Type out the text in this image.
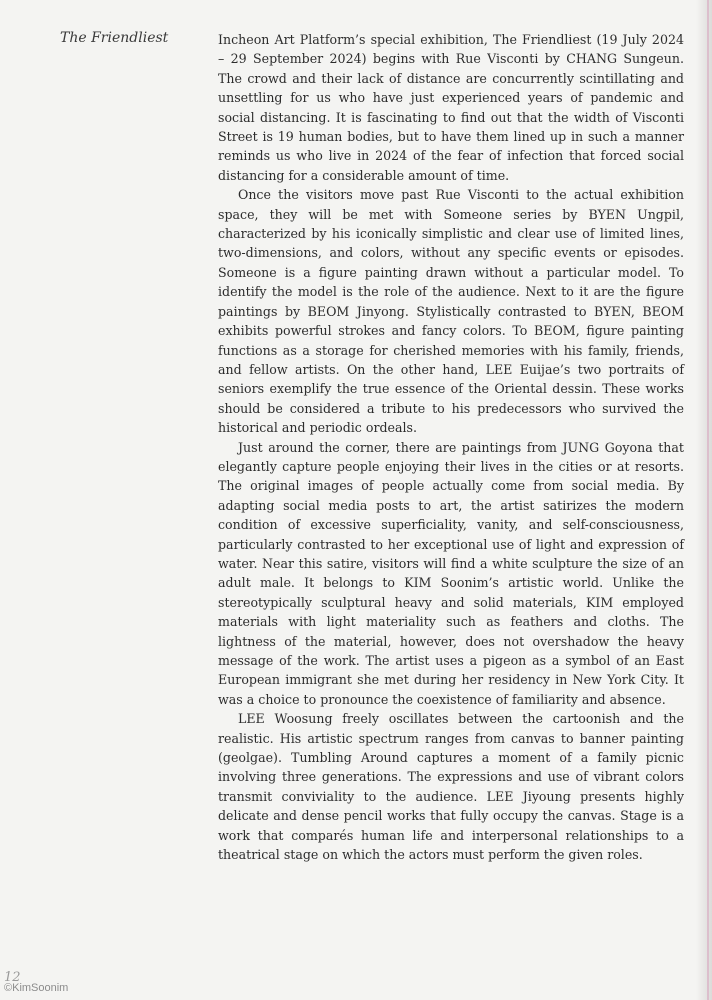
The Friendliest	Incheon Art Platform’s special exhibition, The Friendliest (19 July 2024 – 29 September 2024) begins with Rue Visconti by CHANG Sungeun. The crowd and their lack of distance are concurrently scintillating and unsettling for us who have just experienced years of pandemic and social distancing. It is fascinating to find out that the width of Visconti Street is 19 human bodies, but to have them lined up in such a manner reminds us who live in 2024 of the fear of infection that forced social distancing for a considerable amount of time.

Once the visitors move past Rue Visconti to the actual exhibition space, they will be met with Someone series by BYEN Ungpil, characterized by his iconically simplistic and clear use of limited lines, two-dimensions, and colors, without any specific events or episodes. Someone is a figure painting drawn without a particular model. To identify the model is the role of the audience. Next to it are the figure paintings by BEOM Jinyong. Stylistically contrasted to BYEN, BEOM exhibits powerful strokes and fancy colors. To BEOM, figure painting functions as a storage for cherished memories with his family, friends, and fellow artists. On the other hand, LEE Euijae’s two portraits of seniors exemplify the true essence of the Oriental dessin. These works should be considered a tribute to his predecessors who survived the historical and periodic ordeals.

Just around the corner, there are paintings from JUNG Goyona that elegantly capture people enjoying their lives in the cities or at resorts. The original images of people actually come from social media. By adapting social media posts to art, the artist satirizes the modern condition of excessive superficiality, vanity, and self-consciousness, particularly contrasted to her exceptional use of light and expression of water. Near this satire, visitors will find a white sculpture the size of an adult male. It belongs to KIM Soonim’s artistic world. Unlike the stereotypically sculptural heavy and solid materials, KIM employed materials with light materiality such as feathers and cloths. The lightness of the material, however, does not overshadow the heavy message of the work. The artist uses a pigeon as a symbol of an East European immigrant she met during her residency in New York City. It was a choice to pronounce the coexistence of familiarity and absence.

LEE Woosung freely oscillates between the cartoonish and the realistic. His artistic spectrum ranges from canvas to banner painting (geolgae). Tumbling Around captures a moment of a family picnic involving three generations. The expressions and use of vibrant colors transmit conviviality to the audience. LEE Jiyoung presents highly delicate and dense pencil works that fully occupy the canvas. Stage is a work that comparés human life and interpersonal relationships to a theatrical stage on which the actors must perform the given roles.

12
©KimSoonim
